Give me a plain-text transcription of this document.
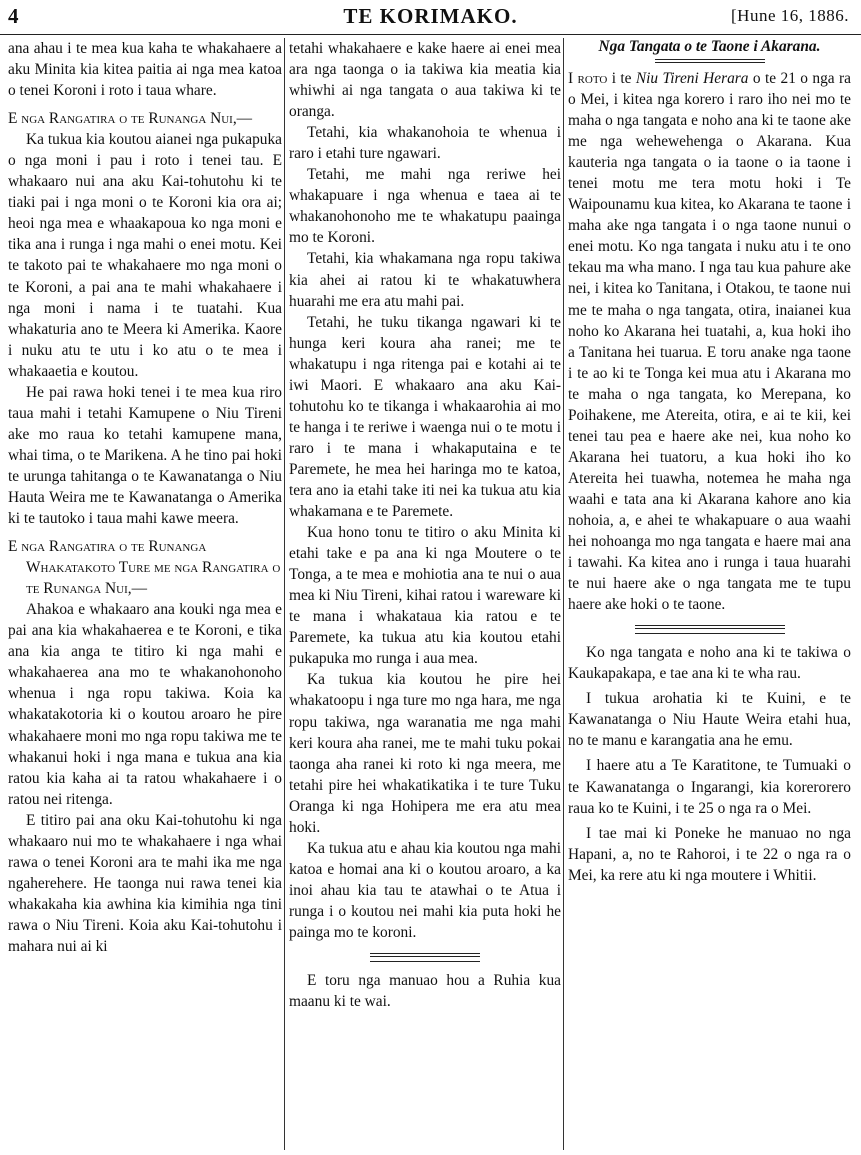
4	TE KORIMAKO.	[Hune 16, 1886.

ana ahau i te mea kua kaha te whakahaere a aku Minita kia kitea paitia ai nga mea katoa o tenei Koroni i roto i taua whare.

E nga Rangatira o te Runanga Nui,—

Ka tukua kia koutou aianei nga pukapuka o nga moni i pau i roto i tenei tau. E whakaaro nui ana aku Kai-tohutohu ki te tiaki pai i nga moni o te Koroni kia ora ai; heoi nga mea e whaakapoua ko nga moni e tika ana i runga i nga mahi o enei motu. Kei te takoto pai te whakahaere mo nga moni o te Koroni, a pai ana te mahi whakahaere i nga moni i nama i te tuatahi. Kua whakaturia ano te Meera ki Amerika. Kaore i nuku atu te utu i ko atu o te mea i whakaaetia e koutou.

He pai rawa hoki tenei i te mea kua riro taua mahi i tetahi Kamupene o Niu Tireni ake mo raua ko tetahi kamupene mana, whai tima, o te Marikena. A he tino pai hoki te urunga tahitanga o te Kawanatanga o Niu Hauta Weira me te Kawanatanga o Amerika ki te tautoko i taua mahi kawe meera.

E nga Rangatira o te Runanga Whakatakoto Ture me nga Rangatira o te Runanga Nui,—

Ahakoa e whakaaro ana kouki nga mea e pai ana kia whakahaerea e te Koroni, e tika ana kia anga te titiro ki nga mahi e whakahaerea ana mo te whakanohonoho whenua i nga ropu takiwa. Koia ka whakatakotoria ki o koutou aroaro he pire whakahaere moni mo nga ropu takiwa me te whakanui hoki i nga mana e tukua ana kia ratou kia kaha ai ta ratou whakahaere i o ratou nei ritenga.

E titiro pai ana oku Kai-tohutohu ki nga whakaaro nui mo te whakahaere i nga whai rawa o tenei Koroni ara te mahi ika me nga ngaherehere. He taonga nui rawa tenei kia whakakaha kia awhina kia kimihia nga tini rawa o Niu Tireni. Koia aku Kai-tohutohu i mahara nui ai ki

tetahi whakahaere e kake haere ai enei mea ara nga taonga o ia takiwa kia meatia kia whiwhi ai nga tangata o aua takiwa ki te oranga.

Tetahi, kia whakanohoia te whenua i raro i etahi ture ngawari.

Tetahi, me mahi nga reriwe hei whakapuare i nga whenua e taea ai te whakanohonoho me te whakatupu paainga mo te Koroni.

Tetahi, kia whakamana nga ropu takiwa kia ahei ai ratou ki te whakatuwhera huarahi me era atu mahi pai.

Tetahi, he tuku tikanga ngawari ki te hunga keri koura aha ranei; me te whakatupu i nga ritenga pai e kotahi ai te iwi Maori. E whakaaro ana aku Kai-tohutohu ko te tikanga i whakaarohia ai mo te hanga i te reriwe i waenga nui o te motu i raro i te mana i whakaputaina e te Paremete, he mea hei haringa mo te katoa, tera ano ia etahi take iti nei ka tukua atu kia whakamana e te Paremete.

Kua hono tonu te titiro o aku Minita ki etahi take e pa ana ki nga Moutere o te Tonga, a te mea e mohiotia ana te nui o aua mea ki Niu Tireni, kihai ratou i wareware ki te mana i whakataua kia ratou e te Paremete, ka tukua atu kia koutou etahi pukapuka mo runga i aua mea.

Ka tukua kia koutou he pire hei whakatoopu i nga ture mo nga hara, me nga ropu takiwa, nga waranatia me nga mahi keri koura aha ranei, me te mahi tuku pokai taonga aha ranei ki roto ki nga meera, me tetahi pire hei whakatikatika i te ture Tuku Oranga ki nga Hohipera me era atu mea hoki.

Ka tukua atu e ahau kia koutou nga mahi katoa e homai ana ki o koutou aroaro, a ka inoi ahau kia tau te atawhai o te Atua i runga i o koutou nei mahi kia puta hoki he painga mo te koroni.

E toru nga manuao hou a Ruhia kua maanu ki te wai.

Nga Tangata o te Taone i Akarana.

I roto i te Niu Tireni Herara o te 21 o nga ra o Mei, i kitea nga korero i raro iho nei mo te maha o nga tangata e noho ana ki te taone ake me nga wehewehenga o Akarana. Kua kauteria nga tangata o ia taone o ia taone i tenei motu me tera motu hoki i Te Waipounamu kua kitea, ko Akarana te taone i maha ake nga tangata i o nga taone nunui o enei motu. Ko nga tangata i nuku atu i te ono tekau ma wha mano. I nga tau kua pahure ake nei, i kitea ko Tanitana, i Otakou, te taone nui me te maha o nga tangata, otira, inaianei kua noho ko Akarana hei tuatahi, a, kua hoki iho a Tanitana hei tuarua. E toru anake nga taone i te ao ki te Tonga kei mua atu i Akarana mo te maha o nga tangata, ko Merepana, ko Poihakene, me Atereita, otira, e ai te kii, kei tenei tau pea e haere ake nei, kua noho ko Akarana hei tuatoru, a kua hoki iho ko Atereita hei tuawha, notemea he maha nga waahi e tata ana ki Akarana kahore ano kia nohoia, a, e ahei te whakapuare o aua waahi hei nohoanga mo nga tangata e haere mai ana i tawahi. Ka kitea ano i runga i taua huarahi te nui haere ake o nga tangata me te tupu haere ake hoki o te taone.

Ko nga tangata e noho ana ki te takiwa o Kaukapakapa, e tae ana ki te wha rau.

I tukua arohatia ki te Kuini, e te Kawanatanga o Niu Haute Weira etahi hua, no te manu e karangatia ana he emu.

I haere atu a Te Karatitone, te Tumuaki o te Kawanatanga o Ingarangi, kia korerorero raua ko te Kuini, i te 25 o nga ra o Mei.

I tae mai ki Poneke he manuao no nga Hapani, a, no te Rahoroi, i te 22 o nga ra o Mei, ka rere atu ki nga moutere i Whitii.
